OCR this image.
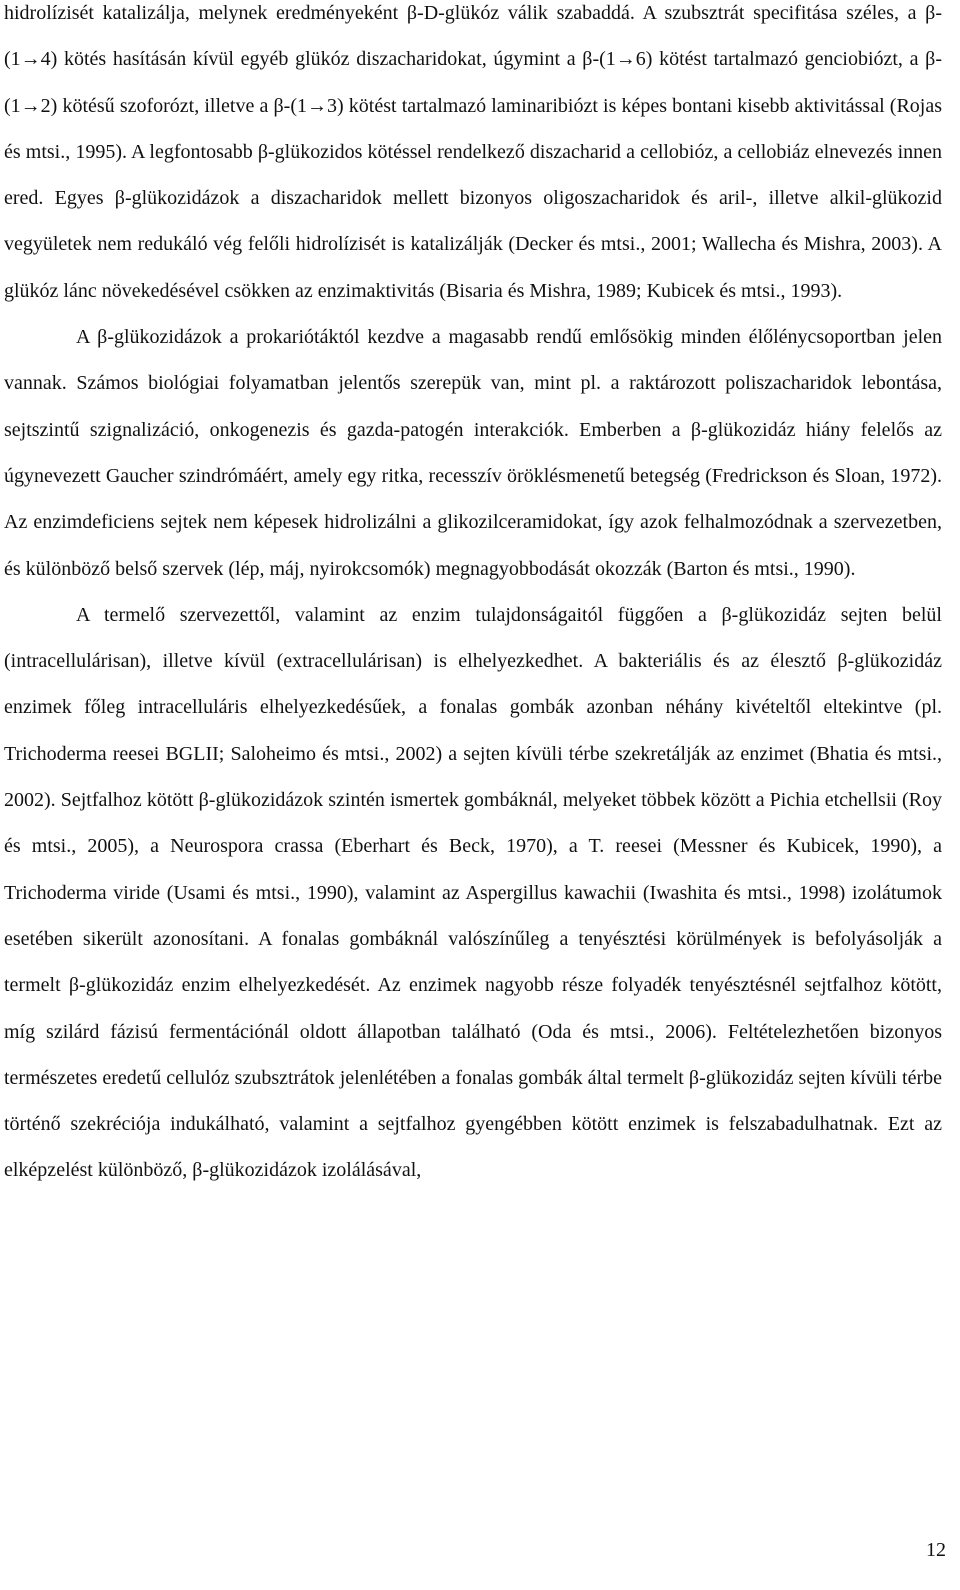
hidrolízisét katalizálja, melynek eredményeként β-D-glükóz válik szabaddá. A szubsztrát specifitása széles, a β-(1→4) kötés hasításán kívül egyéb glükóz diszacharidokat, úgymint a β-(1→6) kötést tartalmazó genciobiózt, a β-(1→2) kötésű szoforózt, illetve a β-(1→3) kötést tartalmazó laminaribiózt is képes bontani kisebb aktivitással (Rojas és mtsi., 1995). A legfontosabb β-glükozidos kötéssel rendelkező diszacharid a cellobióz, a cellobiáz elnevezés innen ered. Egyes β-glükozidázok a diszacharidok mellett bizonyos oligoszacharidok és aril-, illetve alkil-glükozid vegyületek nem redukáló vég felőli hidrolízisét is katalizálják (Decker és mtsi., 2001; Wallecha és Mishra, 2003). A glükóz lánc növekedésével csökken az enzimaktivitás (Bisaria és Mishra, 1989; Kubicek és mtsi., 1993).

A β-glükozidázok a prokariótáktól kezdve a magasabb rendű emlősökig minden élőlénycsoportban jelen vannak. Számos biológiai folyamatban jelentős szerepük van, mint pl. a raktározott poliszacharidok lebontása, sejtszintű szignalizáció, onkogenezis és gazda-patogén interakciók. Emberben a β-glükozidáz hiány felelős az úgynevezett Gaucher szindrómáért, amely egy ritka, recesszív öröklésmenetű betegség (Fredrickson és Sloan, 1972). Az enzimdeficiens sejtek nem képesek hidrolizálni a glikozilceramidokat, így azok felhalmozódnak a szervezetben, és különböző belső szervek (lép, máj, nyirokcsomók) megnagyobbodását okozzák (Barton és mtsi., 1990).

A termelő szervezettől, valamint az enzim tulajdonságaitól függően a β-glükozidáz sejten belül (intracellulárisan), illetve kívül (extracellulárisan) is elhelyezkedhet. A bakteriális és az élesztő β-glükozidáz enzimek főleg intracelluláris elhelyezkedésűek, a fonalas gombák azonban néhány kivételtől eltekintve (pl. Trichoderma reesei BGLII; Saloheimo és mtsi., 2002) a sejten kívüli térbe szekretálják az enzimet (Bhatia és mtsi., 2002). Sejtfalhoz kötött β-glükozidázok szintén ismertek gombáknál, melyeket többek között a Pichia etchellsii (Roy és mtsi., 2005), a Neurospora crassa (Eberhart és Beck, 1970), a T. reesei (Messner és Kubicek, 1990), a Trichoderma viride (Usami és mtsi., 1990), valamint az Aspergillus kawachii (Iwashita és mtsi., 1998) izolátumok esetében sikerült azonosítani. A fonalas gombáknál valószínűleg a tenyésztési körülmények is befolyásolják a termelt β-glükozidáz enzim elhelyezkedését. Az enzimek nagyobb része folyadék tenyésztésnél sejtfalhoz kötött, míg szilárd fázisú fermentációnál oldott állapotban található (Oda és mtsi., 2006). Feltételezhetően bizonyos természetes eredetű cellulóz szubsztrátok jelenlétében a fonalas gombák által termelt β-glükozidáz sejten kívüli térbe történő szekréciója indukálható, valamint a sejtfalhoz gyengébben kötött enzimek is felszabadulhatnak. Ezt az elképzelést különböző, β-glükozidázok izolálásával,

12
